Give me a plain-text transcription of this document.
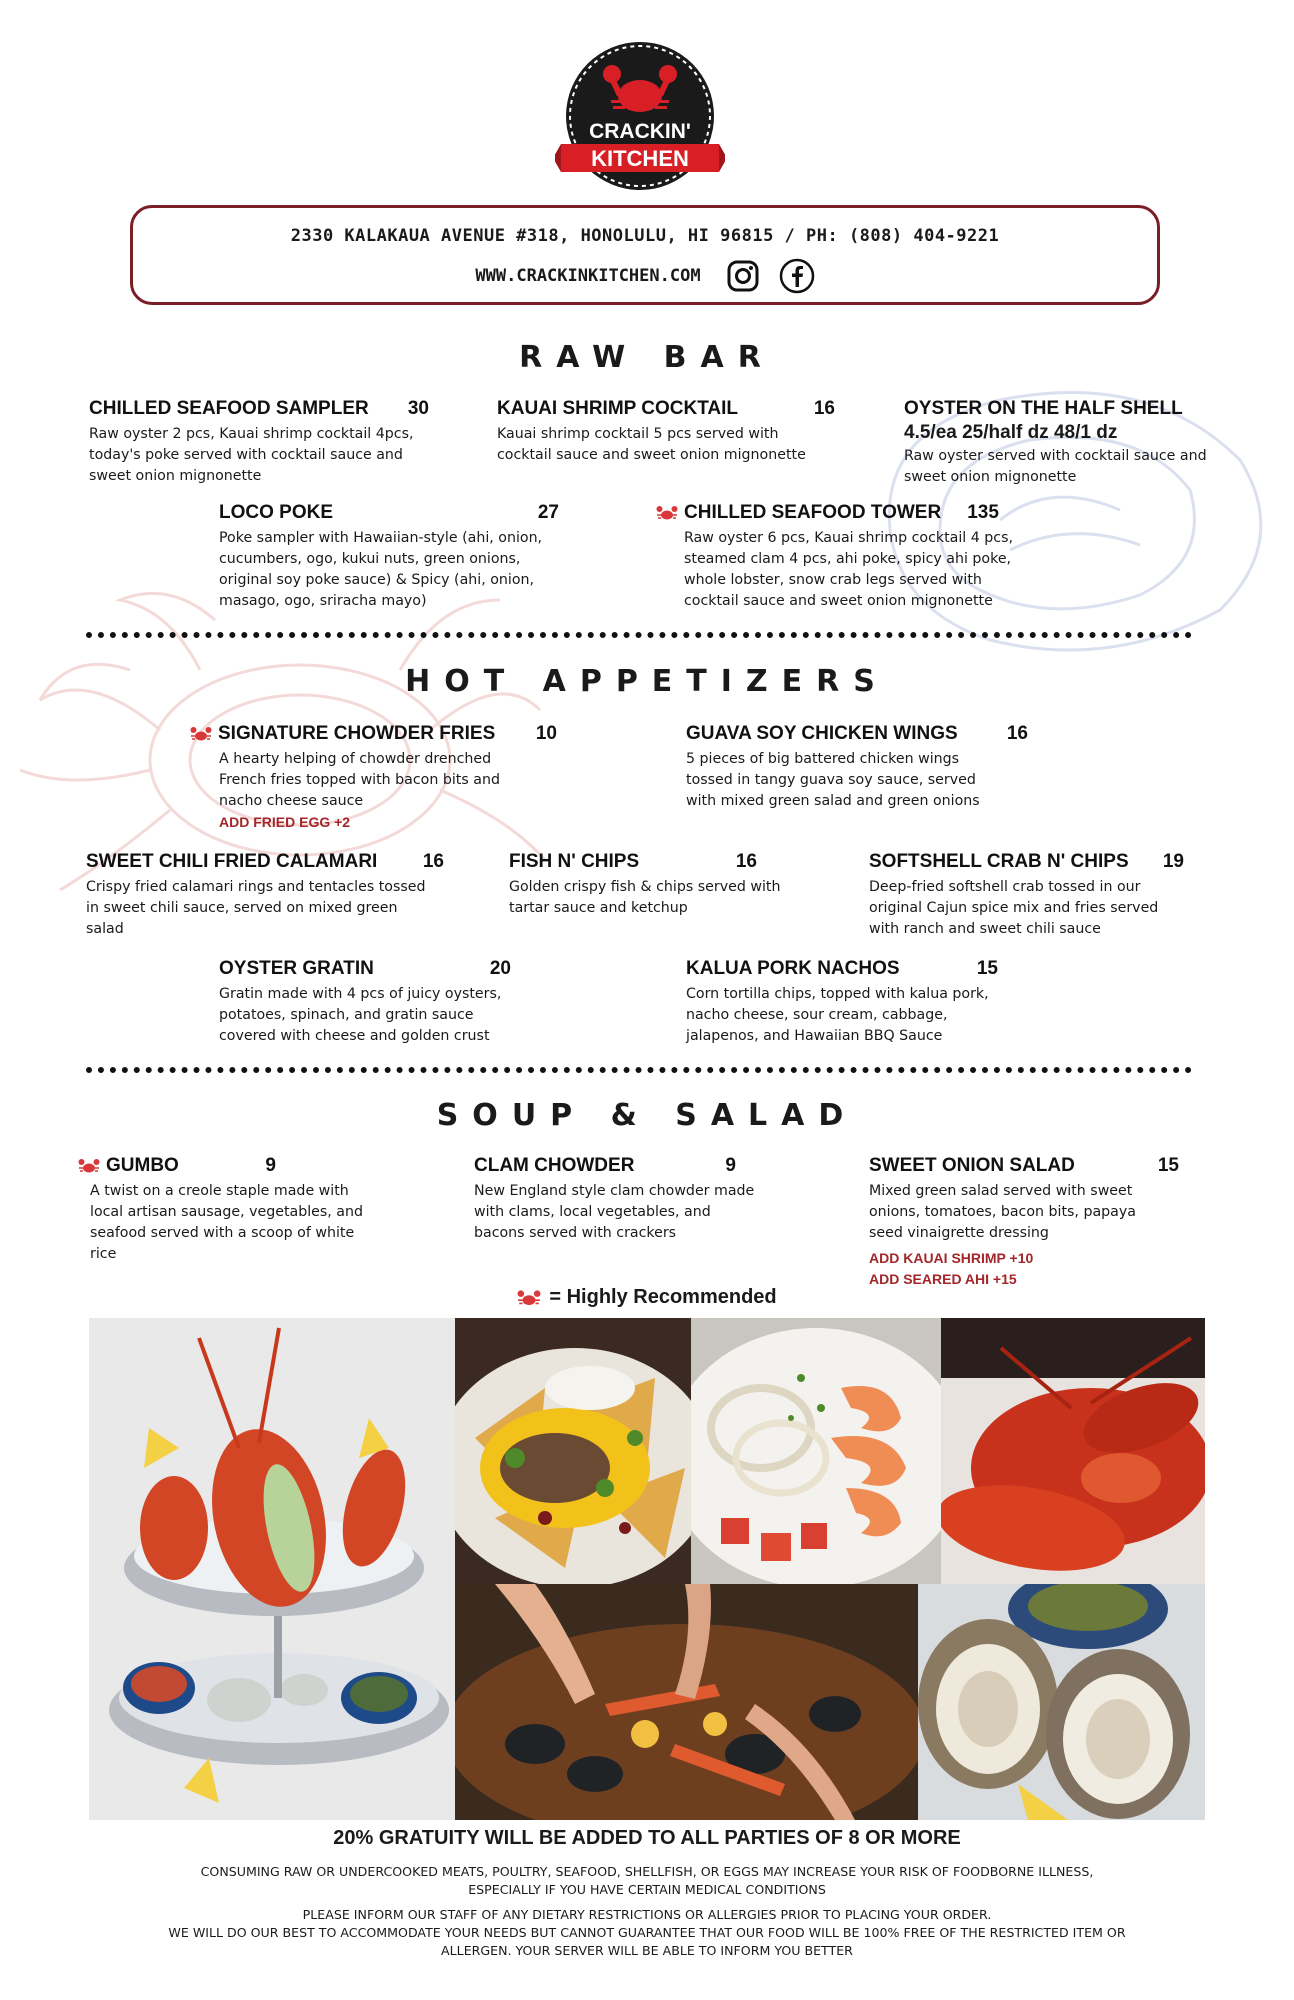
CRACKIN'
KITCHEN
2330 KALAKAUA AVENUE #318, HONOLULU, HI 96815 / PH: (808) 404-9221
WWW.CRACKINKITCHEN.COM
RAW BAR
CHILLED SEAFOOD SAMPLER	30
Raw oyster 2 pcs, Kauai shrimp cocktail 4pcs, today's poke served with cocktail sauce and sweet onion mignonette
KAUAI SHRIMP COCKTAIL	16
Kauai shrimp cocktail 5 pcs served with cocktail sauce and sweet onion mignonette
OYSTER ON THE HALF SHELL
4.5/ea 25/half dz 48/1 dz
Raw oyster served with cocktail sauce and sweet onion mignonette
LOCO POKE	27
Poke sampler with Hawaiian-style (ahi, onion, cucumbers, ogo, kukui nuts, green onions, original soy poke sauce) & Spicy (ahi, onion, masago, ogo, sriracha mayo)
CHILLED SEAFOOD TOWER 135
Raw oyster 6 pcs, Kauai shrimp cocktail 4 pcs, steamed clam 4 pcs, ahi poke, spicy ahi poke, whole lobster, snow crab legs served with cocktail sauce and sweet onion mignonette
HOT APPETIZERS
SIGNATURE CHOWDER FRIES	10
A hearty helping of chowder drenched French fries topped with bacon bits and nacho cheese sauce
ADD FRIED EGG +2
GUAVA SOY CHICKEN WINGS	16
5 pieces of big battered chicken wings tossed in tangy guava soy sauce, served with mixed green salad and green onions
SWEET CHILI FRIED CALAMARI	16
Crispy fried calamari rings and tentacles tossed in sweet chili sauce, served on mixed green salad
FISH N' CHIPS	16
Golden crispy fish & chips served with tartar sauce and ketchup
SOFTSHELL CRAB N' CHIPS	19
Deep-fried softshell crab tossed in our original Cajun spice mix and fries served with ranch and sweet chili sauce
OYSTER GRATIN	20
Gratin made with 4 pcs of juicy oysters, potatoes, spinach, and gratin sauce covered with cheese and golden crust
KALUA PORK NACHOS	15
Corn tortilla chips, topped with kalua pork, nacho cheese, sour cream, cabbage, jalapenos, and Hawaiian BBQ Sauce
SOUP & SALAD
GUMBO	9
A twist on a creole staple made with local artisan sausage, vegetables, and seafood served with a scoop of white rice
CLAM CHOWDER	9
New England style clam chowder made with clams, local vegetables, and bacons served with crackers
SWEET ONION SALAD	15
Mixed green salad served with sweet onions, tomatoes, bacon bits, papaya seed vinaigrette dressing
ADD KAUAI SHRIMP +10
ADD SEARED AHI +15
= Highly Recommended
20% GRATUITY WILL BE ADDED TO ALL PARTIES OF 8 OR MORE
CONSUMING RAW OR UNDERCOOKED MEATS, POULTRY, SEAFOOD, SHELLFISH, OR EGGS MAY INCREASE YOUR RISK OF FOODBORNE ILLNESS,
ESPECIALLY IF YOU HAVE CERTAIN MEDICAL CONDITIONS
PLEASE INFORM OUR STAFF OF ANY DIETARY RESTRICTIONS OR ALLERGIES PRIOR TO PLACING YOUR ORDER.
WE WILL DO OUR BEST TO ACCOMMODATE YOUR NEEDS BUT CANNOT GUARANTEE THAT OUR FOOD WILL BE 100% FREE OF THE RESTRICTED ITEM OR
ALLERGEN. YOUR SERVER WILL BE ABLE TO INFORM YOU BETTER
